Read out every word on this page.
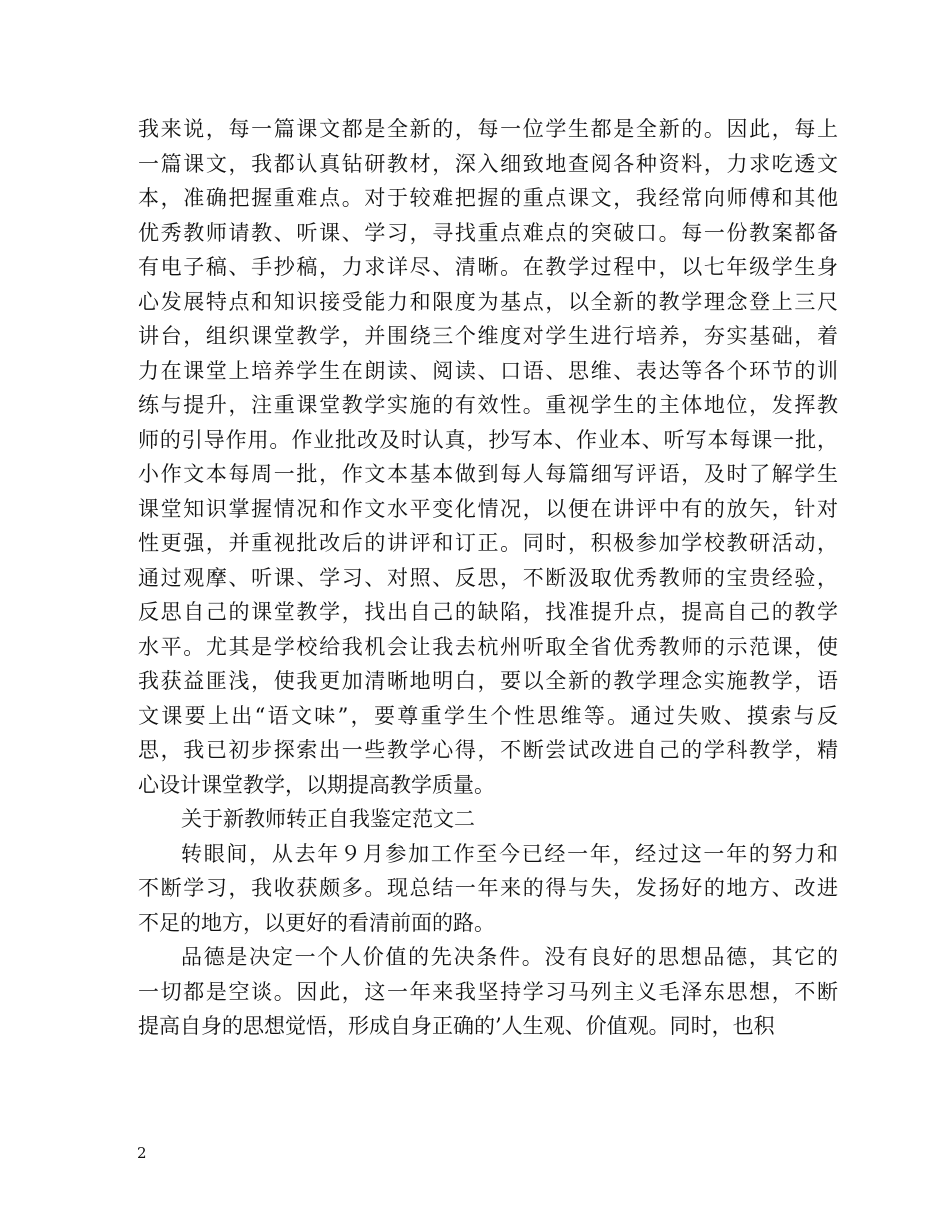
我来说，每一篇课文都是全新的，每一位学生都是全新的。因此，每上
一篇课文，我都认真钻研教材，深入细致地查阅各种资料，力求吃透文
本，准确把握重难点。对于较难把握的重点课文，我经常向师傅和其他
优秀教师请教、听课、学习，寻找重点难点的突破口。每一份教案都备
有电子稿、手抄稿，力求详尽、清晰。在教学过程中，以七年级学生身
心发展特点和知识接受能力和限度为基点，以全新的教学理念登上三尺
讲台，组织课堂教学，并围绕三个维度对学生进行培养，夯实基础，着
力在课堂上培养学生在朗读、阅读、口语、思维、表达等各个环节的训
练与提升，注重课堂教学实施的有效性。重视学生的主体地位，发挥教
师的引导作用。作业批改及时认真，抄写本、作业本、听写本每课一批，
小作文本每周一批，作文本基本做到每人每篇细写评语，及时了解学生
课堂知识掌握情况和作文水平变化情况，以便在讲评中有的放矢，针对
性更强，并重视批改后的讲评和订正。同时，积极参加学校教研活动，
通过观摩、听课、学习、对照、反思，不断汲取优秀教师的宝贵经验，
反思自己的课堂教学，找出自己的缺陷，找准提升点，提高自己的教学
水平。尤其是学校给我机会让我去杭州听取全省优秀教师的示范课，使
我获益匪浅，使我更加清晰地明白，要以全新的教学理念实施教学，语
文课要上出“语文味”，要尊重学生个性思维等。通过失败、摸索与反
思，我已初步探索出一些教学心得，不断尝试改进自己的学科教学，精
心设计课堂教学，以期提高教学质量。
关于新教师转正自我鉴定范文二
转眼间，从去年９月参加工作至今已经一年，经过这一年的努力和
不断学习，我收获颇多。现总结一年来的得与失，发扬好的地方、改进
不足的地方，以更好的看清前面的路。
品德是决定一个人价值的先决条件。没有良好的思想品德，其它的
一切都是空谈。因此，这一年来我坚持学习马列主义毛泽东思想，不断
提高自身的思想觉悟，形成自身正确的’人生观、价值观。同时，也积
2
